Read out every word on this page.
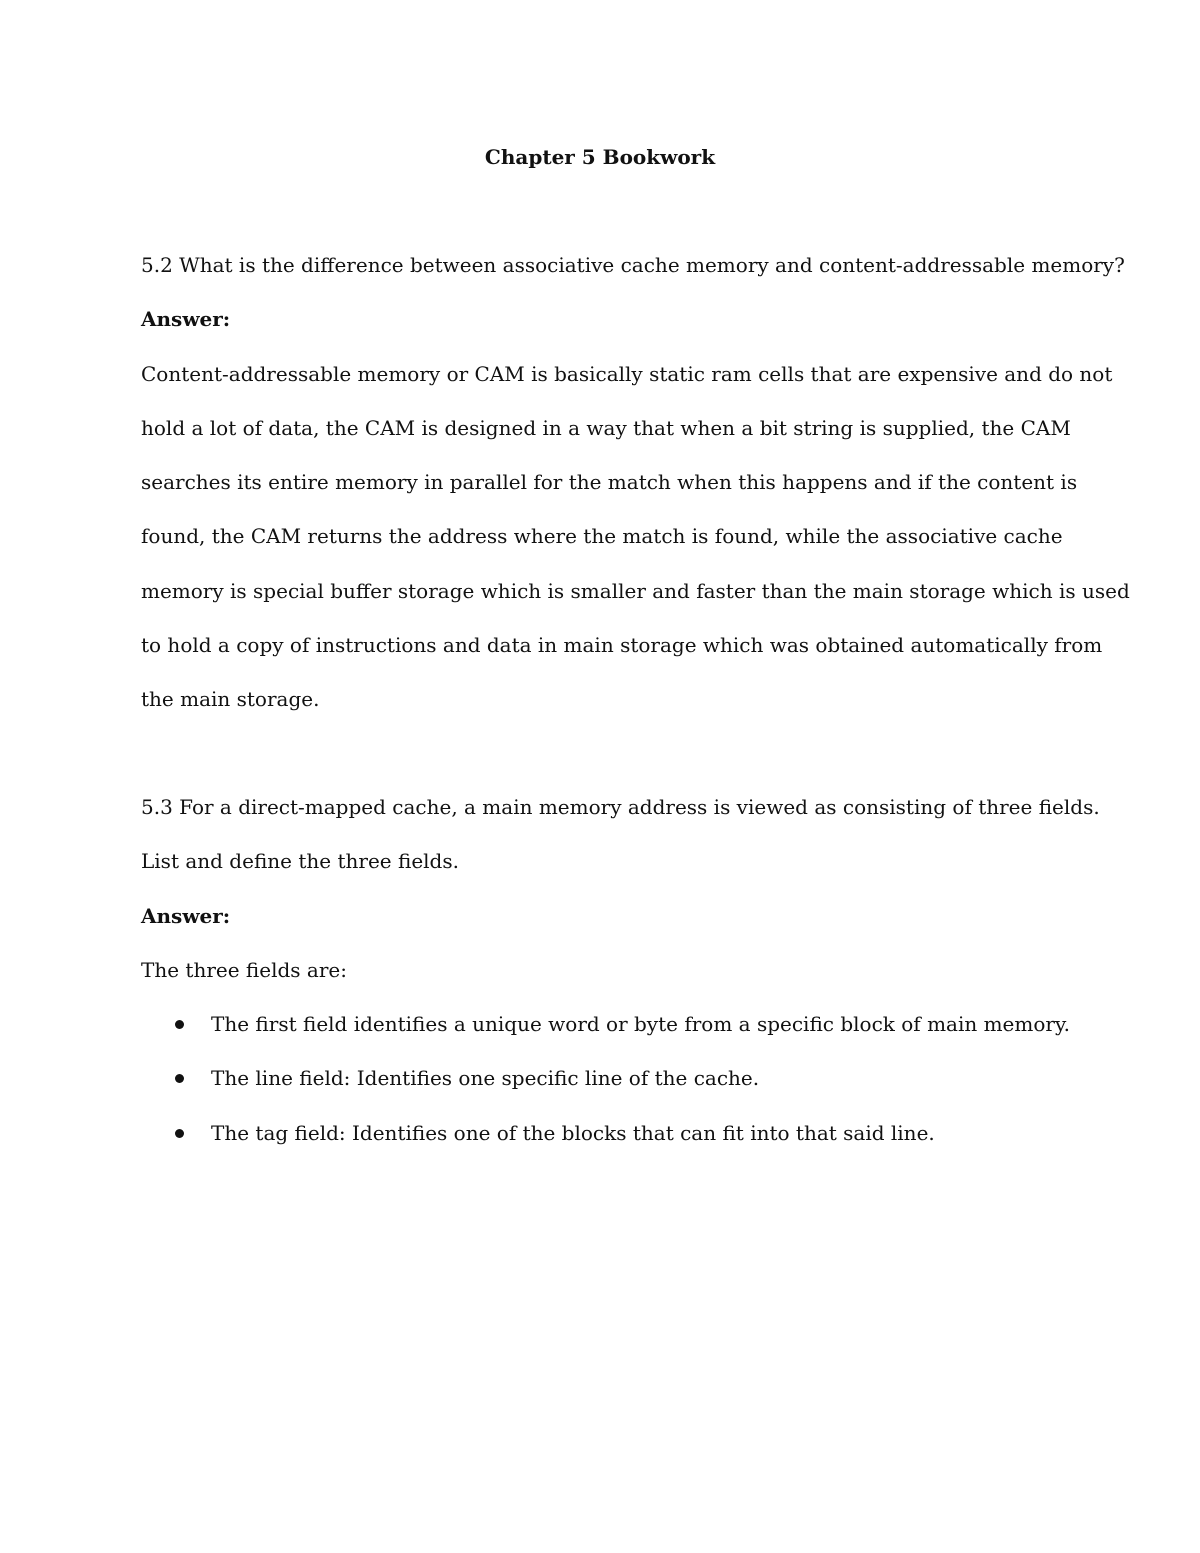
Chapter 5 Bookwork
5.2 What is the difference between associative cache memory and content-addressable memory?
Answer:
Content-addressable memory or CAM is basically static ram cells that are expensive and do not
hold a lot of data, the CAM is designed in a way that when a bit string is supplied, the CAM
searches its entire memory in parallel for the match when this happens and if the content is
found, the CAM returns the address where the match is found, while the associative cache
memory is special buffer storage which is smaller and faster than the main storage which is used
to hold a copy of instructions and data in main storage which was obtained automatically from
the main storage.
5.3 For a direct-mapped cache, a main memory address is viewed as consisting of three fields.
List and define the three fields.
Answer:
The three fields are:
The first field identifies a unique word or byte from a specific block of main memory.
The line field: Identifies one specific line of the cache.
The tag field: Identifies one of the blocks that can fit into that said line.
